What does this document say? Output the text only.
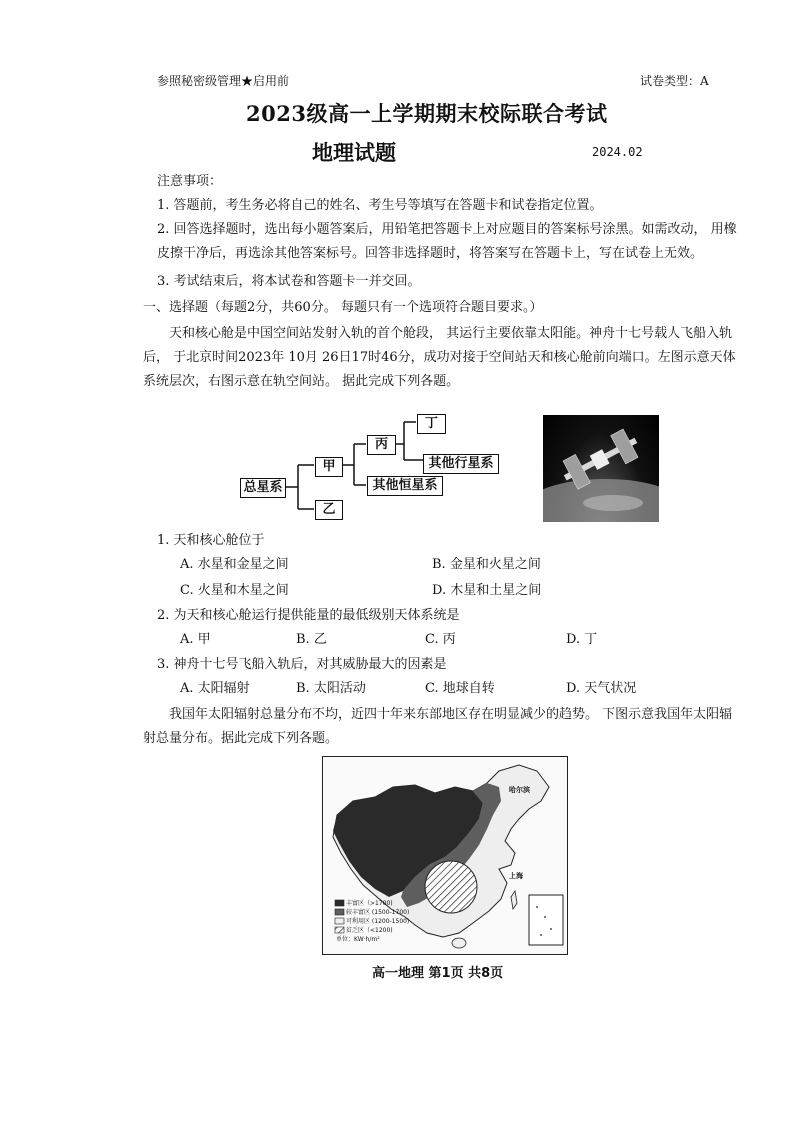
参照秘密级管理★启用前	试卷类型：A
2023级高一上学期期末校际联合考试
地理试题	2024.02
注意事项：
1. 答题前，考生务必将自己的姓名、考生号等填写在答题卡和试卷指定位置。
2. 回答选择题时，选出每小题答案后，用铅笔把答题卡上对应题目的答案标号涂黑。如需改动， 用橡皮擦干净后，再选涂其他答案标号。回答非选择题时，将答案写在答题卡上，写在试卷上无效。
3. 考试结束后，将本试卷和答题卡一并交回。
一、选择题（每题2分，共60分。 每题只有一个选项符合题目要求。）
天和核心舱是中国空间站发射入轨的首个舱段， 其运行主要依靠太阳能。神舟十七号载人飞船入轨后， 于北京时间2023年 10月 26日17时46分，成功对接于空间站天和核心舱前向端口。左图示意天体系统层次，右图示意在轨空间站。 据此完成下列各题。
总星系
甲
乙
丙
其他恒星系
丁
其他行星系
1. 天和核心舱位于
A. 水星和金星之间	B. 金星和火星之间
C. 火星和木星之间	D. 木星和土星之间
2. 为天和核心舱运行提供能量的最低级别天体系统是
A. 甲	B. 乙	C. 丙	D. 丁
3. 神舟十七号飞船入轨后，对其威胁最大的因素是
A. 太阳辐射	B. 太阳活动	C. 地球自转	D. 天气状况
我国年太阳辐射总量分布不均，近四十年来东部地区存在明显减少的趋势。 下图示意我国年太阳辐射总量分布。据此完成下列各题。
哈尔滨
上海
丰富区（>1700)
较丰富区 (1500-1700)
可利用区 (1200-1500)
贫乏区（<1200)
单位：KW·h/m²
高一地理 第1页 共8页
